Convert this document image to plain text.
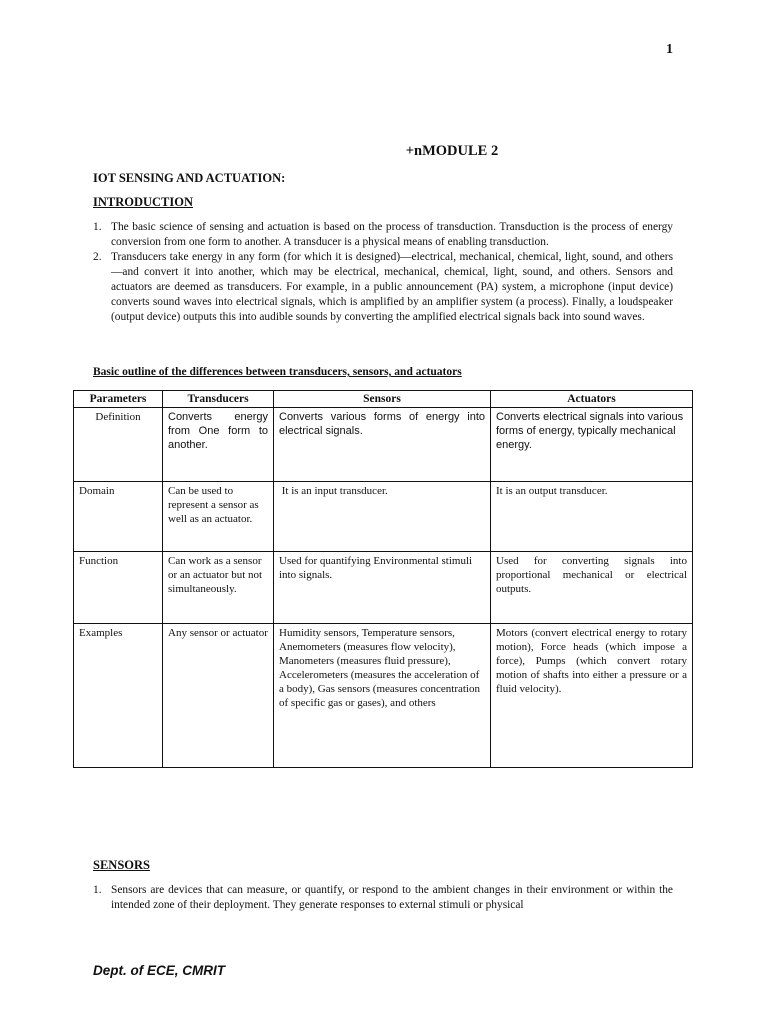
1
+nMODULE 2
IOT SENSING AND ACTUATION:
INTRODUCTION
1. The basic science of sensing and actuation is based on the process of transduction. Transduction is the process of energy conversion from one form to another. A transducer is a physical means of enabling transduction.
2. Transducers take energy in any form (for which it is designed)—electrical, mechanical, chemical, light, sound, and others—and convert it into another, which may be electrical, mechanical, chemical, light, sound, and others. Sensors and actuators are deemed as transducers. For example, in a public announcement (PA) system, a microphone (input device) converts sound waves into electrical signals, which is amplified by an amplifier system (a process). Finally, a loudspeaker (output device) outputs this into audible sounds by converting the amplified electrical signals back into sound waves.
Basic outline of the differences between transducers, sensors, and actuators
Parameters	Transducers	Sensors	Actuators
Definition	Converts energy from One form to another.	Converts various forms of energy into electrical signals.	Converts electrical signals into various forms of energy, typically mechanical energy.
Domain	Can be used to represent a sensor as well as an actuator.	It is an input transducer.	It is an output transducer.
Function	Can work as a sensor or an actuator but not simultaneously.	Used for quantifying Environmental stimuli into signals.	Used for converting signals into proportional mechanical or electrical outputs.
Examples	Any sensor or actuator	Humidity sensors, Temperature sensors, Anemometers (measures flow velocity), Manometers (measures fluid pressure), Accelerometers (measures the acceleration of a body), Gas sensors (measures concentration of specific gas or gases), and others	Motors (convert electrical energy to rotary motion), Force heads (which impose a force), Pumps (which convert rotary motion of shafts into either a pressure or a fluid velocity).
SENSORS
1. Sensors are devices that can measure, or quantify, or respond to the ambient changes in their environment or within the intended zone of their deployment. They generate responses to external stimuli or physical
Dept. of ECE, CMRIT
